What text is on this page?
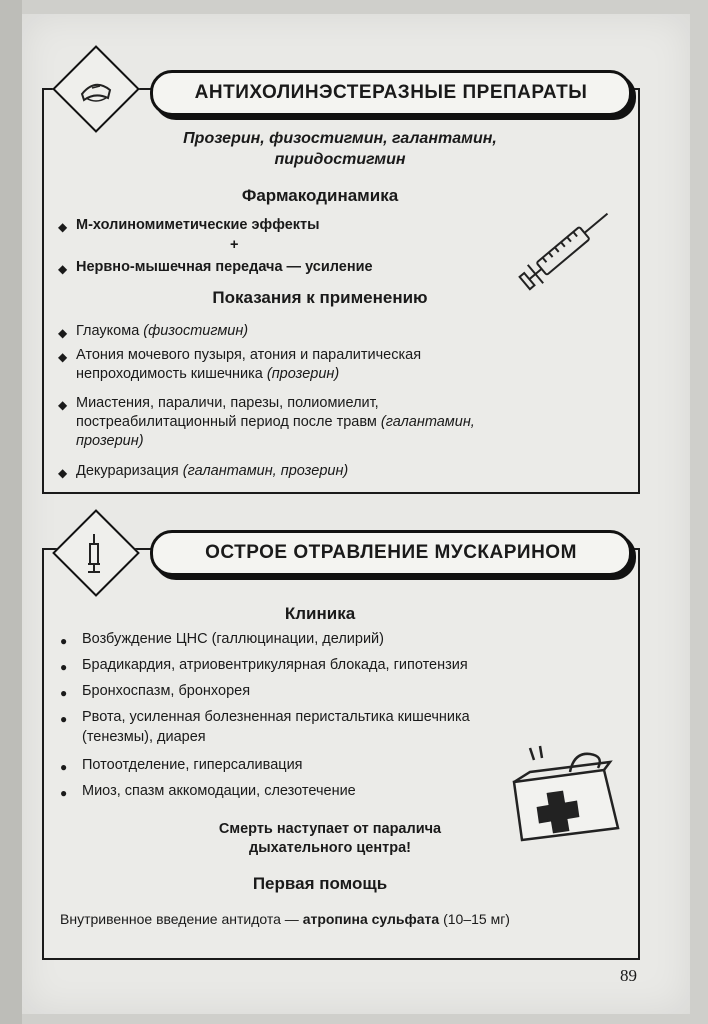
АНТИХОЛИНЭСТЕРАЗНЫЕ ПРЕПАРАТЫ
Прозерин, физостигмин, галантамин,
пиридостигмин
Фармакодинамика
◆ М-холиномиметические эффекты
+
◆ Нервно-мышечная передача — усиление
Показания к применению
◆ Глаукома (физостигмин)
◆ Атония мочевого пузыря, атония и паралитическая
непроходимость кишечника (прозерин)
◆ Миастения, параличи, парезы, полиомиелит,
постреабилитационный период после травм (галантамин,
прозерин)
◆ Декураризация (галантамин, прозерин)
ОСТРОЕ ОТРАВЛЕНИЕ МУСКАРИНОМ
Клиника
● Возбуждение ЦНС (галлюцинации, делирий)
● Брадикардия, атриовентрикулярная блокада, гипотензия
● Бронхоспазм, бронхорея
● Рвота, усиленная болезненная перистальтика кишечника
(тенезмы), диарея
● Потоотделение, гиперсаливация
● Миоз, спазм аккомодации, слезотечение
Смерть наступает от паралича
дыхательного центра!
Первая помощь
Внутривенное введение антидота — атропина сульфата (10–15 мг)
89
